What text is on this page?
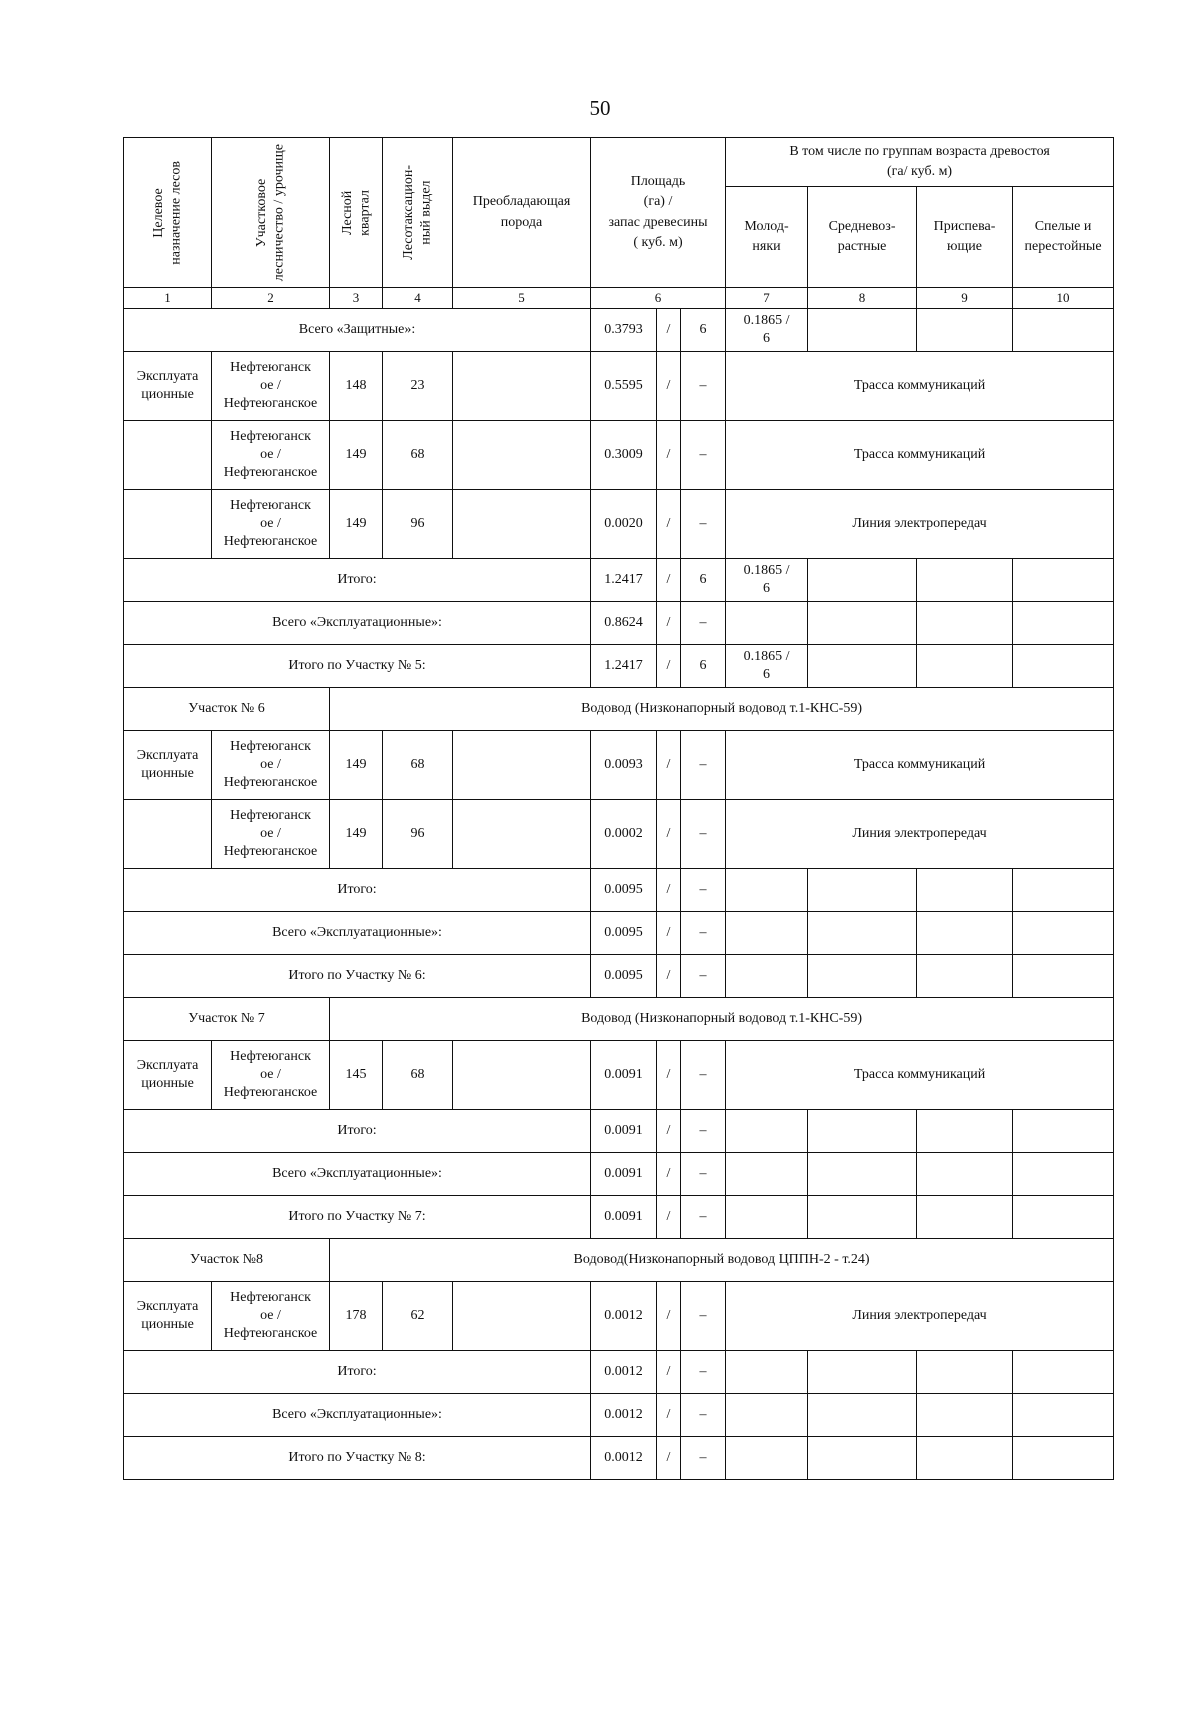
50
Целевое
назначение лесов	Участковое
лесничество / урочище	Лесной
квартал	Лесотаксацион-
ный выдел	Преобладающая
порода	Площадь
(га) /
запас древесины
( куб. м)			В том числе по группам возраста древостоя
(га/ куб. м)			

								Молод-
няки	Средневоз-
растные	Приспева-
ющие	Спелые и
перестойные

1	2	3	4	5	6			7	8	9	10
Всего «Защитные»:					0.3793	/	6	0.1865 /
6			
Эксплуата
ционные	Нефтеюганск
ое /
Нефтеюганское	148	23		0.5595	/	–	Трасса коммуникаций			
	Нефтеюганск
ое /
Нефтеюганское	149	68		0.3009	/	–	Трасса коммуникаций			
	Нефтеюганск
ое /
Нефтеюганское	149	96		0.0020	/	–	Линия электропередач			
Итого:					1.2417	/	6	0.1865 /
6			
Всего «Эксплуатационные»:					0.8624	/	–				
Итого по Участку № 5:					1.2417	/	6	0.1865 /
6			
Участок № 6		Водовод (Низконапорный водовод т.1-КНС-59)									
Эксплуата
ционные	Нефтеюганск
ое /
Нефтеюганское	149	68		0.0093	/	–	Трасса коммуникаций			
	Нефтеюганск
ое /
Нефтеюганское	149	96		0.0002	/	–	Линия электропередач			
Итого:					0.0095	/	–				
Всего «Эксплуатационные»:					0.0095	/	–				
Итого по Участку № 6:					0.0095	/	–				
Участок № 7		Водовод (Низконапорный водовод т.1-КНС-59)									
Эксплуата
ционные	Нефтеюганск
ое /
Нефтеюганское	145	68		0.0091	/	–	Трасса коммуникаций			
Итого:					0.0091	/	–				
Всего «Эксплуатационные»:					0.0091	/	–				
Итого по Участку № 7:					0.0091	/	–				
Участок №8		Водовод(Низконапорный водовод ЦППН-2 - т.24)									
Эксплуата
ционные	Нефтеюганск
ое /
Нефтеюганское	178	62		0.0012	/	–	Линия электропередач			
Итого:					0.0012	/	–				
Всего «Эксплуатационные»:					0.0012	/	–				
Итого по Участку № 8:					0.0012	/	–				
